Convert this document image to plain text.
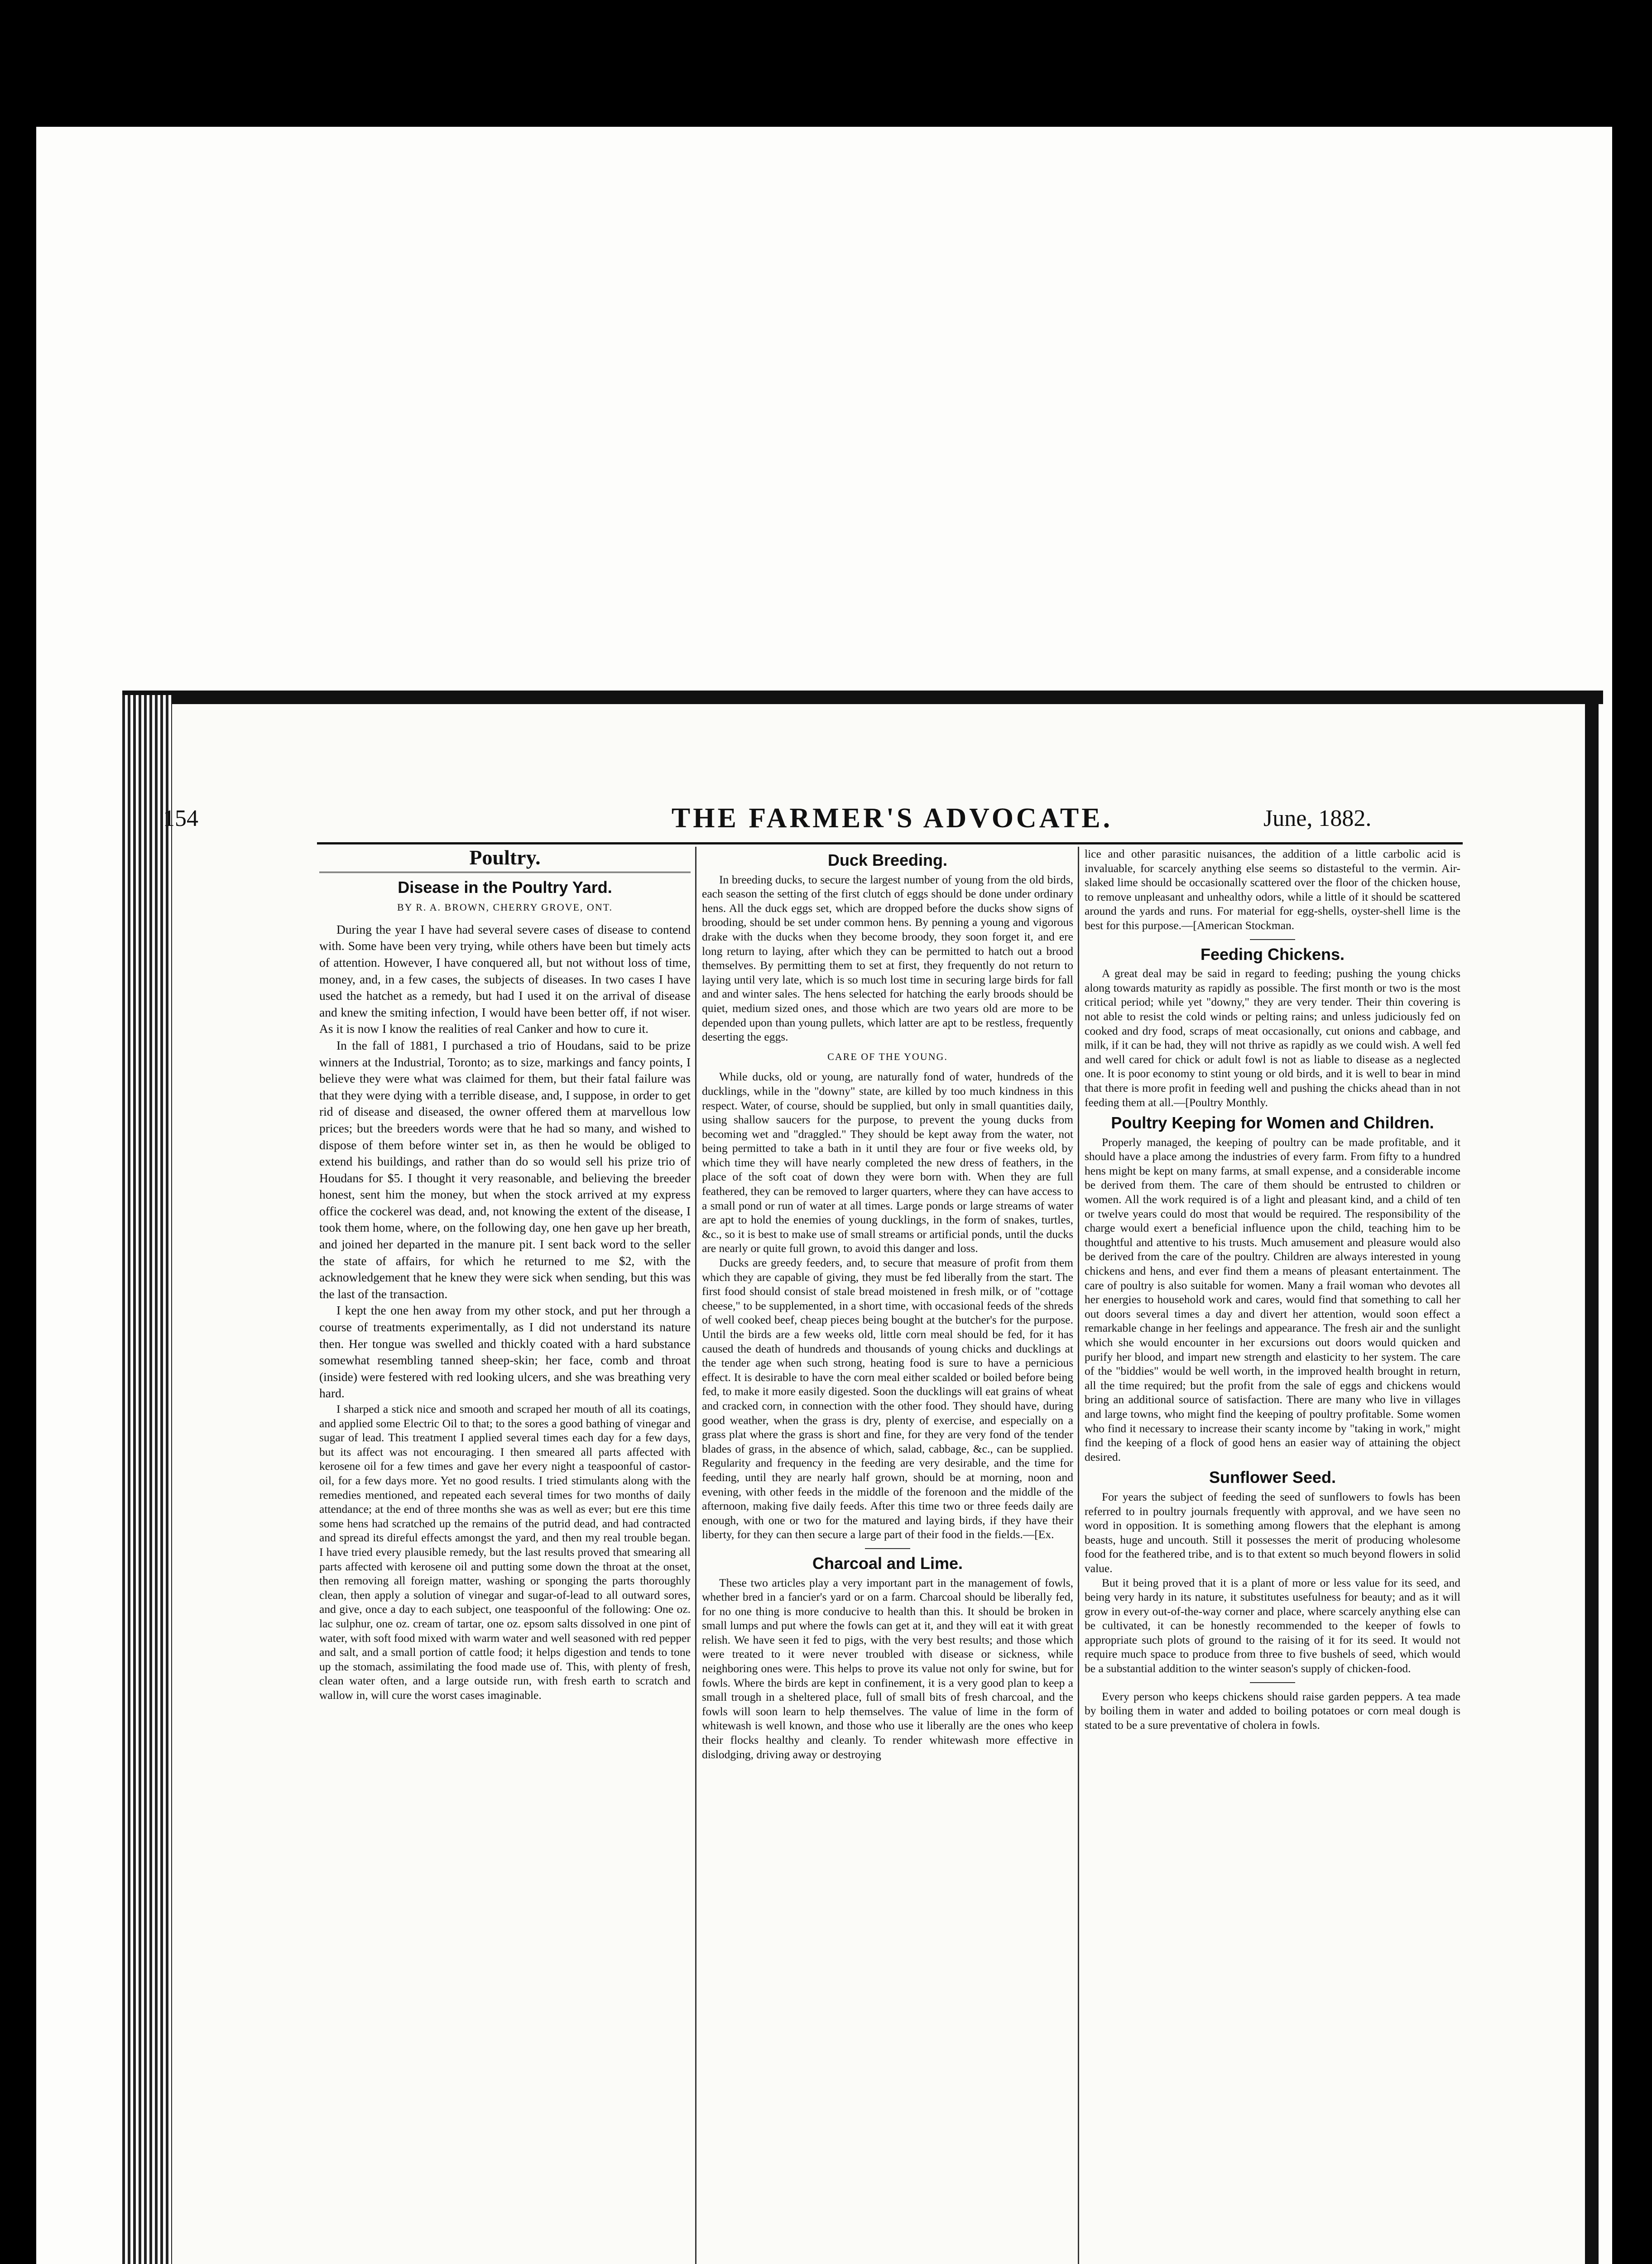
154	THE FARMER'S ADVOCATE.	June, 1882.
Poultry.
Disease in the Poultry Yard.
BY R. A. BROWN, CHERRY GROVE, ONT.

During the year I have had several severe cases of disease to contend with. Some have been very trying, while others have been but timely acts of attention. However, I have conquered all, but not without loss of time, money, and, in a few cases, the subjects of diseases. In two cases I have used the hatchet as a remedy, but had I used it on the arrival of disease and knew the smiting infection, I would have been better off, if not wiser. As it is now I know the realities of real Canker and how to cure it.

In the fall of 1881, I purchased a trio of Houdans, said to be prize winners at the Industrial, Toronto; as to size, markings and fancy points, I believe they were what was claimed for them, but their fatal failure was that they were dying with a terrible disease, and, I suppose, in order to get rid of disease and diseased, the owner offered them at marvellous low prices; but the breeders words were that he had so many, and wished to dispose of them before winter set in, as then he would be obliged to extend his buildings, and rather than do so would sell his prize trio of Houdans for $5. I thought it very reasonable, and believing the breeder honest, sent him the money, but when the stock arrived at my express office the cockerel was dead, and, not knowing the extent of the disease, I took them home, where, on the following day, one hen gave up her breath, and joined her departed in the manure pit. I sent back word to the seller the state of affairs, for which he returned to me $2, with the acknowledgement that he knew they were sick when sending, but this was the last of the transaction.

I kept the one hen away from my other stock, and put her through a course of treatments experimentally, as I did not understand its nature then. Her tongue was swelled and thickly coated with a hard substance somewhat resembling tanned sheep-skin; her face, comb and throat (inside) were festered with red looking ulcers, and she was breathing very hard.

I sharped a stick nice and smooth and scraped her mouth of all its coatings, and applied some Electric Oil to that; to the sores a good bathing of vinegar and sugar of lead. This treatment I applied several times each day for a few days, but its affect was not encouraging. I then smeared all parts affected with kerosene oil for a few times and gave her every night a teaspoonful of castor-oil, for a few days more. Yet no good results. I tried stimulants along with the remedies mentioned, and repeated each several times for two months of daily attendance; at the end of three months she was as well as ever; but ere this time some hens had scratched up the remains of the putrid dead, and had contracted and spread its direful effects amongst the yard, and then my real trouble began. I have tried every plausible remedy, but the last results proved that smearing all parts affected with kerosene oil and putting some down the throat at the onset, then removing all foreign matter, washing or sponging the parts thoroughly clean, then apply a solution of vinegar and sugar-of-lead to all outward sores, and give, once a day to each subject, one teaspoonful of the following: One oz. lac sulphur, one oz. cream of tartar, one oz. epsom salts dissolved in one pint of water, with soft food mixed with warm water and well seasoned with red pepper and salt, and a small portion of cattle food; it helps digestion and tends to tone up the stomach, assimilating the food made use of. This, with plenty of fresh, clean water often, and a large outside run, with fresh earth to scratch and wallow in, will cure the worst cases imaginable.

Duck Breeding.

In breeding ducks, to secure the largest number of young from the old birds, each season the setting of the first clutch of eggs should be done under ordinary hens. All the duck eggs set, which are dropped before the ducks show signs of brooding, should be set under common hens. By penning a young and vigorous drake with the ducks when they become broody, they soon forget it, and ere long return to laying, after which they can be permitted to hatch out a brood themselves. By permitting them to set at first, they frequently do not return to laying until very late, which is so much lost time in securing large birds for fall and and winter sales. The hens selected for hatching the early broods should be quiet, medium sized ones, and those which are two years old are more to be depended upon than young pullets, which latter are apt to be restless, frequently deserting the eggs.

CARE OF THE YOUNG.

While ducks, old or young, are naturally fond of water, hundreds of the ducklings, while in the "downy" state, are killed by too much kindness in this respect. Water, of course, should be supplied, but only in small quantities daily, using shallow saucers for the purpose, to prevent the young ducks from becoming wet and "draggled." They should be kept away from the water, not being permitted to take a bath in it until they are four or five weeks old, by which time they will have nearly completed the new dress of feathers, in the place of the soft coat of down they were born with. When they are full feathered, they can be removed to larger quarters, where they can have access to a small pond or run of water at all times. Large ponds or large streams of water are apt to hold the enemies of young ducklings, in the form of snakes, turtles, &c., so it is best to make use of small streams or artificial ponds, until the ducks are nearly or quite full grown, to avoid this danger and loss.

Ducks are greedy feeders, and, to secure that measure of profit from them which they are capable of giving, they must be fed liberally from the start. The first food should consist of stale bread moistened in fresh milk, or of "cottage cheese," to be supplemented, in a short time, with occasional feeds of the shreds of well cooked beef, cheap pieces being bought at the butcher's for the purpose. Until the birds are a few weeks old, little corn meal should be fed, for it has caused the death of hundreds and thousands of young chicks and ducklings at the tender age when such strong, heating food is sure to have a pernicious effect. It is desirable to have the corn meal either scalded or boiled before being fed, to make it more easily digested. Soon the ducklings will eat grains of wheat and cracked corn, in connection with the other food. They should have, during good weather, when the grass is dry, plenty of exercise, and especially on a grass plat where the grass is short and fine, for they are very fond of the tender blades of grass, in the absence of which, salad, cabbage, &c., can be supplied. Regularity and frequency in the feeding are very desirable, and the time for feeding, until they are nearly half grown, should be at morning, noon and evening, with other feeds in the middle of the forenoon and the middle of the afternoon, making five daily feeds. After this time two or three feeds daily are enough, with one or two for the matured and laying birds, if they have their liberty, for they can then secure a large part of their food in the fields.—[Ex.

Charcoal and Lime.

These two articles play a very important part in the management of fowls, whether bred in a fancier's yard or on a farm. Charcoal should be liberally fed, for no one thing is more conducive to health than this. It should be broken in small lumps and put where the fowls can get at it, and they will eat it with great relish. We have seen it fed to pigs, with the very best results; and those which were treated to it were never troubled with disease or sickness, while neighboring ones were. This helps to prove its value not only for swine, but for fowls. Where the birds are kept in confinement, it is a very good plan to keep a small trough in a sheltered place, full of small bits of fresh charcoal, and the fowls will soon learn to help themselves. The value of lime in the form of whitewash is well known, and those who use it liberally are the ones who keep their flocks healthy and cleanly. To render whitewash more effective in dislodging, driving away or destroying

lice and other parasitic nuisances, the addition of a little carbolic acid is invaluable, for scarcely anything else seems so distasteful to the vermin. Air-slaked lime should be occasionally scattered over the floor of the chicken house, to remove unpleasant and unhealthy odors, while a little of it should be scattered around the yards and runs. For material for egg-shells, oyster-shell lime is the best for this purpose.—[American Stockman.

Feeding Chickens.

A great deal may be said in regard to feeding; pushing the young chicks along towards maturity as rapidly as possible. The first month or two is the most critical period; while yet "downy," they are very tender. Their thin covering is not able to resist the cold winds or pelting rains; and unless judiciously fed on cooked and dry food, scraps of meat occasionally, cut onions and cabbage, and milk, if it can be had, they will not thrive as rapidly as we could wish. A well fed and well cared for chick or adult fowl is not as liable to disease as a neglected one. It is poor economy to stint young or old birds, and it is well to bear in mind that there is more profit in feeding well and pushing the chicks ahead than in not feeding them at all.—[Poultry Monthly.

Poultry Keeping for Women and Children.

Properly managed, the keeping of poultry can be made profitable, and it should have a place among the industries of every farm. From fifty to a hundred hens might be kept on many farms, at small expense, and a considerable income be derived from them. The care of them should be entrusted to children or women. All the work required is of a light and pleasant kind, and a child of ten or twelve years could do most that would be required. The responsibility of the charge would exert a beneficial influence upon the child, teaching him to be thoughtful and attentive to his trusts. Much amusement and pleasure would also be derived from the care of the poultry. Children are always interested in young chickens and hens, and ever find them a means of pleasant entertainment. The care of poultry is also suitable for women. Many a frail woman who devotes all her energies to household work and cares, would find that something to call her out doors several times a day and divert her attention, would soon effect a remarkable change in her feelings and appearance. The fresh air and the sunlight which she would encounter in her excursions out doors would quicken and purify her blood, and impart new strength and elasticity to her system. The care of the "biddies" would be well worth, in the improved health brought in return, all the time required; but the profit from the sale of eggs and chickens would bring an additional source of satisfaction. There are many who live in villages and large towns, who might find the keeping of poultry profitable. Some women who find it necessary to increase their scanty income by "taking in work," might find the keeping of a flock of good hens an easier way of attaining the object desired.

Sunflower Seed.

For years the subject of feeding the seed of sunflowers to fowls has been referred to in poultry journals frequently with approval, and we have seen no word in opposition. It is something among flowers that the elephant is among beasts, huge and uncouth. Still it possesses the merit of producing wholesome food for the feathered tribe, and is to that extent so much beyond flowers in solid value.

But it being proved that it is a plant of more or less value for its seed, and being very hardy in its nature, it substitutes usefulness for beauty; and as it will grow in every out-of-the-way corner and place, where scarcely anything else can be cultivated, it can be honestly recommended to the keeper of fowls to appropriate such plots of ground to the raising of it for its seed. It would not require much space to produce from three to five bushels of seed, which would be a substantial addition to the winter season's supply of chicken-food.

Every person who keeps chickens should raise garden peppers. A tea made by boiling them in water and added to boiling potatoes or corn meal dough is stated to be a sure preventative of cholera in fowls.
